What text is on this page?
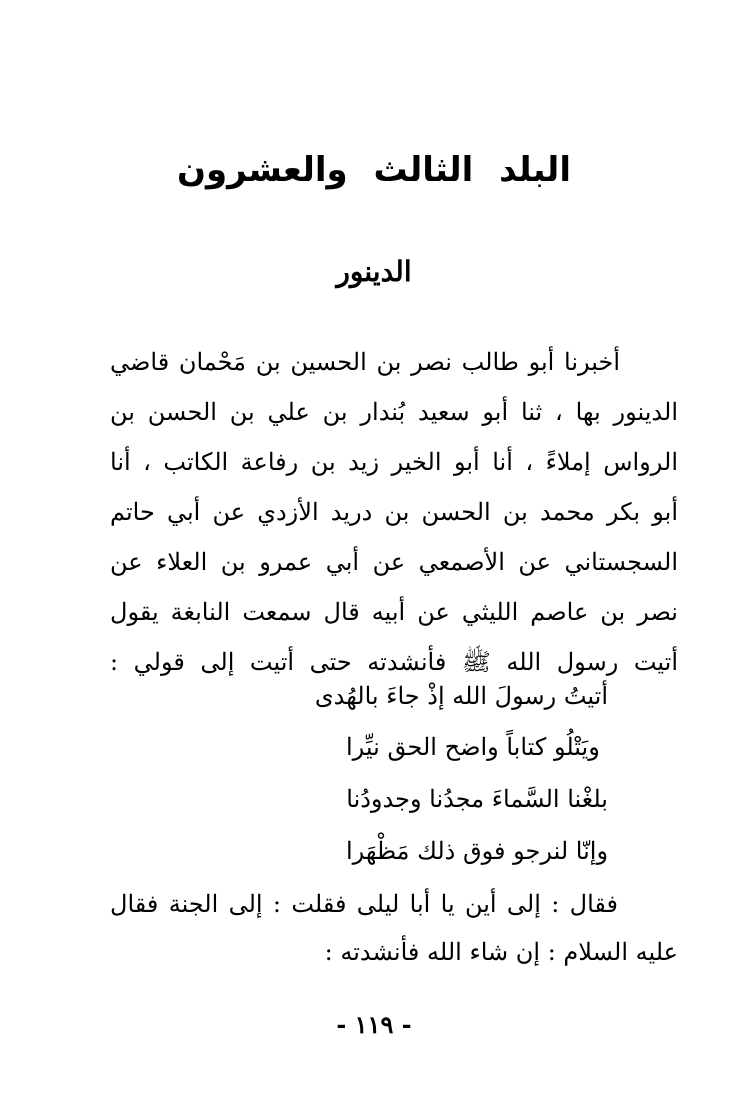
البلد الثالث والعشرون
الدينور
أخبرنا أبو طالب نصر بن الحسين بن مَحْمان قاضي
الدينور بها ، ثنا أبو سعيد بُندار بن علي بن الحسن بن
الرواس إملاءً ، أنا أبو الخير زيد بن رفاعة الكاتب ، أنا
أبو بكر محمد بن الحسن بن دريد الأزدي عن أبي حاتم
السجستاني عن الأصمعي عن أبي عمرو بن العلاء عن
نصر بن عاصم الليثي عن أبيه قال سمعت النابغة يقول
أتيت رسول الله ﷺ فأنشدته حتى أتيت إلى قولي :
أتيتُ رسولَ الله إذْ جاءَ بالهُدى
ويَتْلُو كتاباً واضح الحق نيِّرا
بلغْنا السَّماءَ مجدُنا وجدودُنا
وإنّا لنرجو فوق ذلك مَظْهَرا
فقال : إلى أين يا أبا ليلى فقلت : إلى الجنة فقال
عليه السلام : إن شاء الله فأنشدته :
- ١١٩ -
